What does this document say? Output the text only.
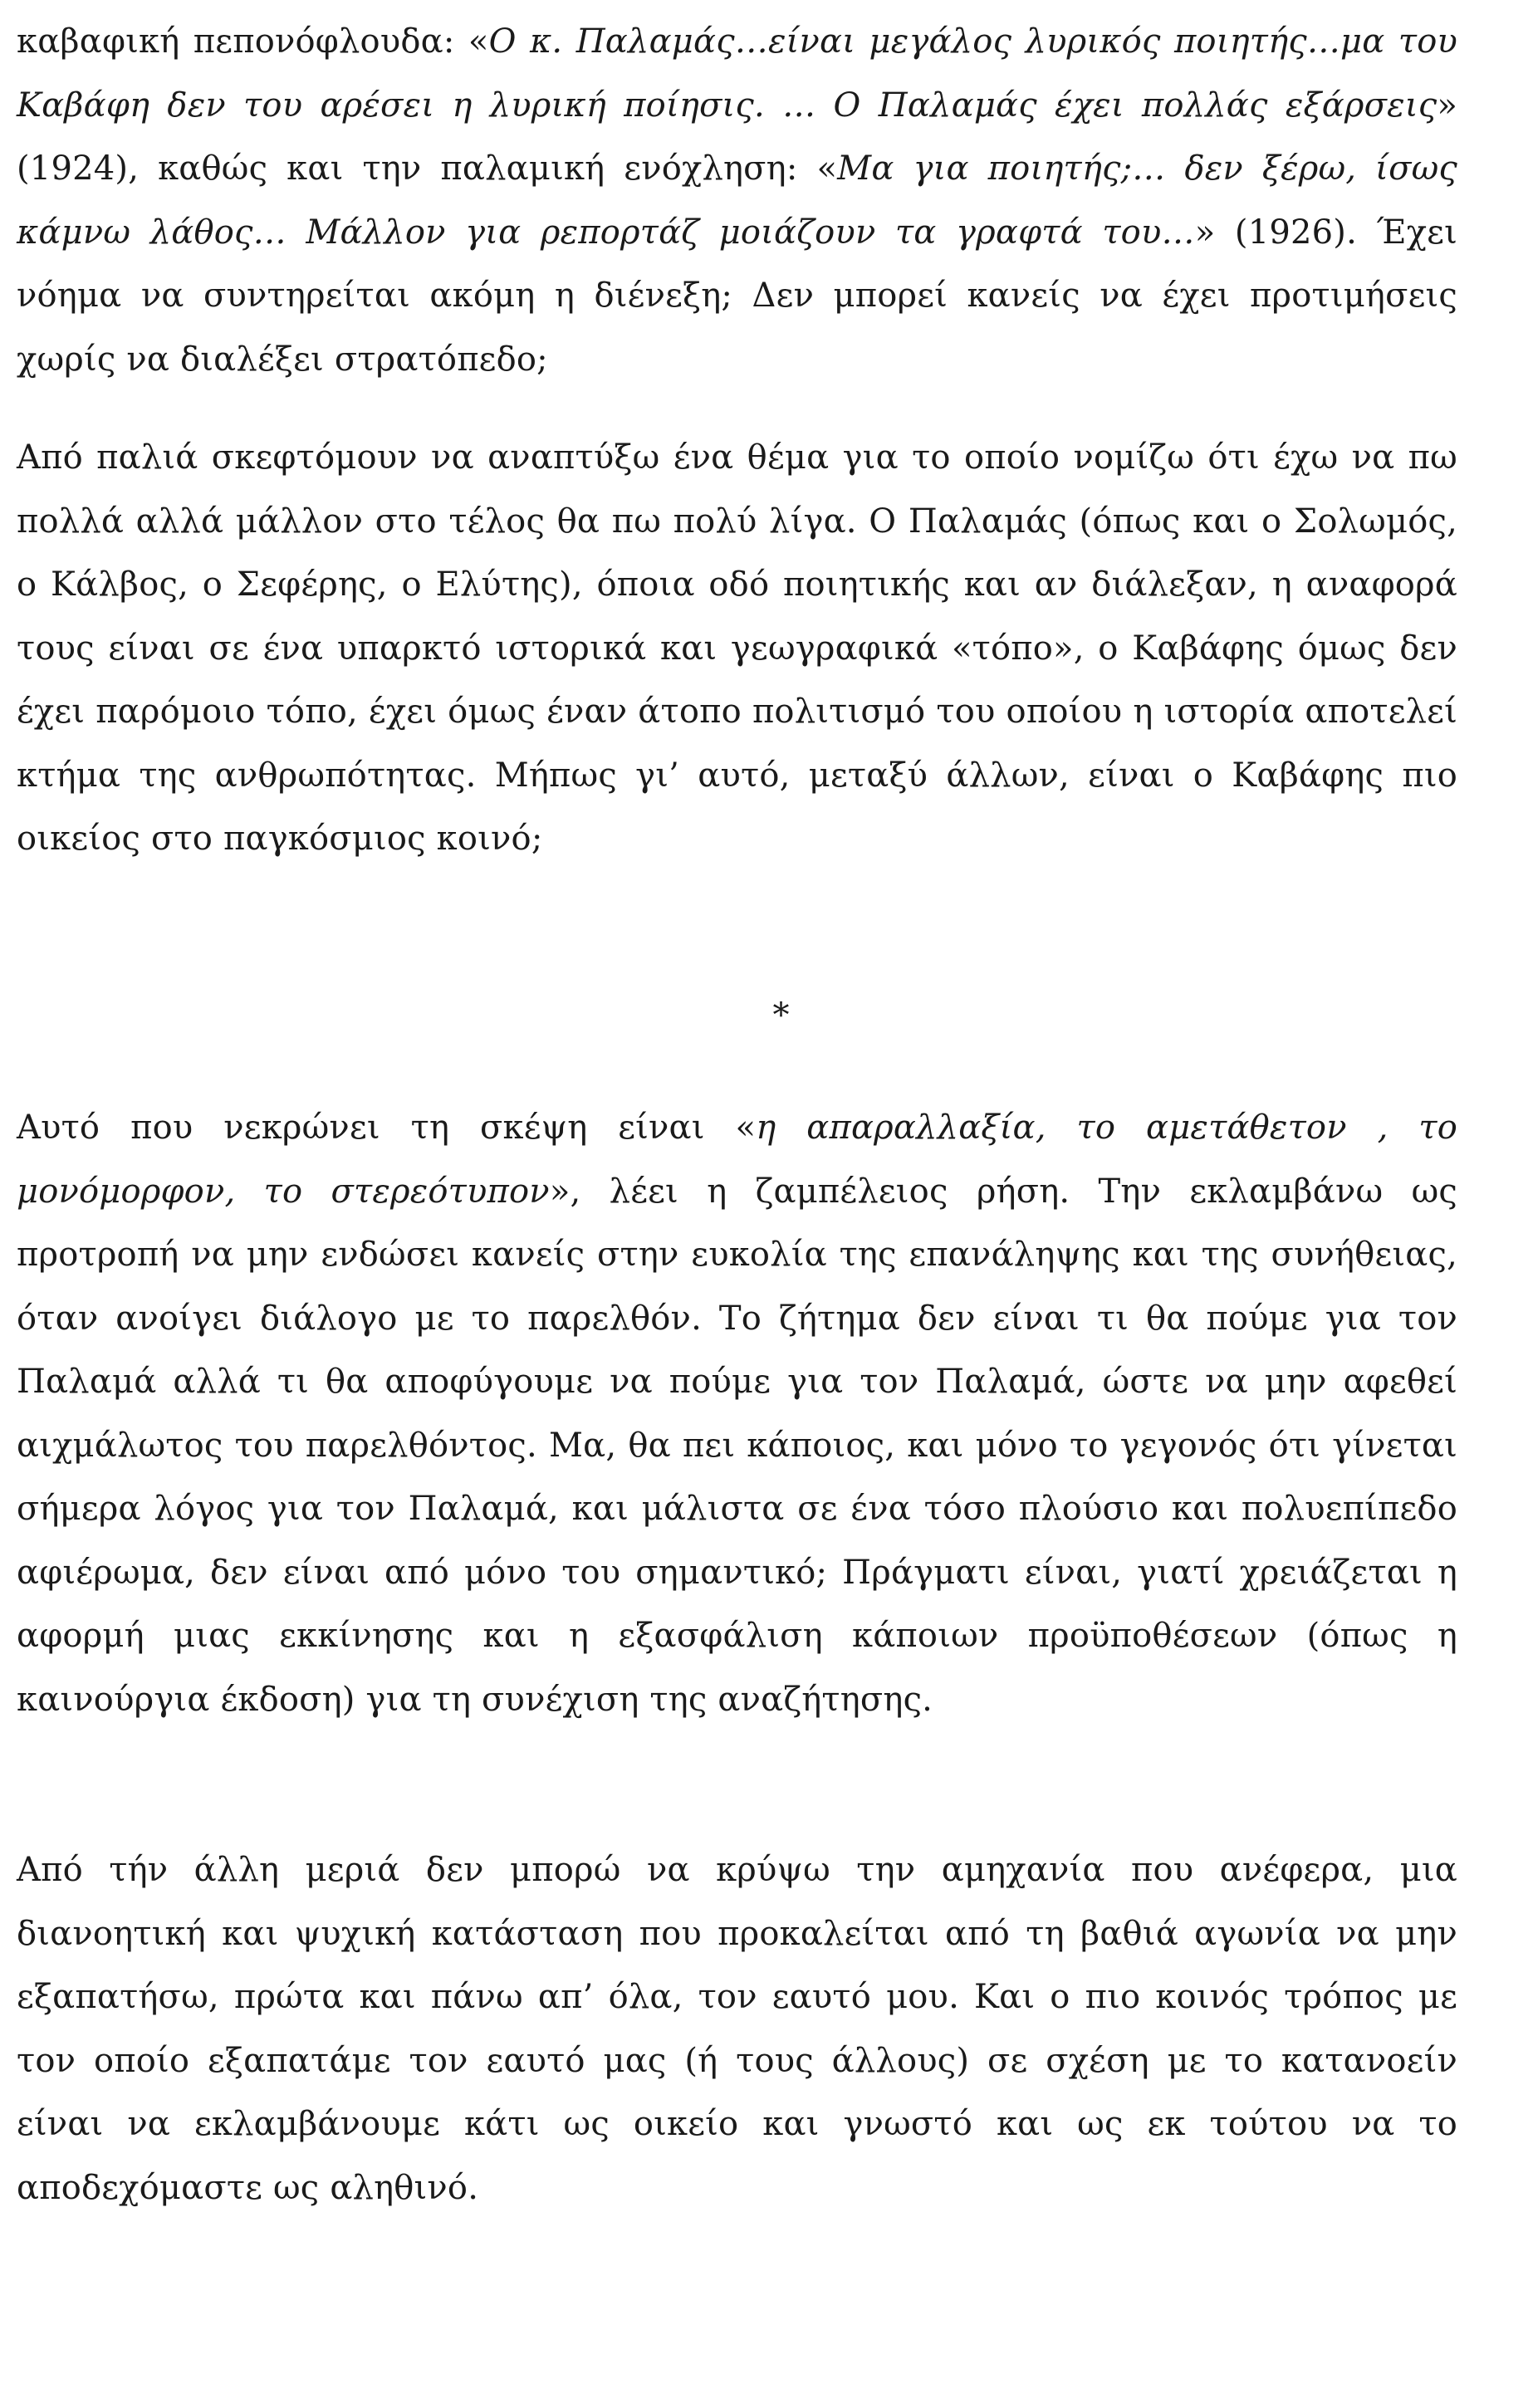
καβαφική πεπονόφλουδα: «Ο κ. Παλαμάς…είναι μεγάλος λυρικός ποιητής…μα του Καβάφη δεν του αρέσει η λυρική ποίησις. … Ο Παλαμάς έχει πολλάς εξάρσεις» (1924), καθώς και την παλαμική ενόχληση: «Μα για ποιητής;… δεν ξέρω, ίσως κάμνω λάθος… Μάλλον για ρεπορτάζ μοιάζουν τα γραφτά του…» (1926). Έχει νόημα να συντηρείται ακόμη η διένεξη; Δεν μπορεί κανείς να έχει προτιμήσεις χωρίς να διαλέξει στρατόπεδο;

Από παλιά σκεφτόμουν να αναπτύξω ένα θέμα για το οποίο νομίζω ότι έχω να πω πολλά αλλά μάλλον στο τέλος θα πω πολύ λίγα. Ο Παλαμάς (όπως και ο Σολωμός, ο Κάλβος, ο Σεφέρης, ο Ελύτης), όποια οδό ποιητικής και αν διάλεξαν, η αναφορά τους είναι σε ένα υπαρκτό ιστορικά και γεωγραφικά «τόπο», ο Καβάφης όμως δεν έχει παρόμοιο τόπο, έχει όμως έναν άτοπο πολιτισμό του οποίου η ιστορία αποτελεί κτήμα της ανθρωπότητας. Μήπως γι’ αυτό, μεταξύ άλλων, είναι ο Καβάφης πιο οικείος στο παγκόσμιος κοινό;

*

Αυτό που νεκρώνει τη σκέψη είναι «η απαραλλαξία, το αμετάθετον , το μονόμορφον, το στερεότυπον», λέει η ζαμπέλειος ρήση. Την εκλαμβάνω ως προτροπή να μην ενδώσει κανείς στην ευκολία της επανάληψης και της συνήθειας, όταν ανοίγει διάλογο με το παρελθόν. Το ζήτημα δεν είναι τι θα πούμε για τον Παλαμά αλλά τι θα αποφύγουμε να πούμε για τον Παλαμά, ώστε να μην αφεθεί αιχμάλωτος του παρελθόντος. Μα, θα πει κάποιος, και μόνο το γεγονός ότι γίνεται σήμερα λόγος για τον Παλαμά, και μάλιστα σε ένα τόσο πλούσιο και πολυεπίπεδο αφιέρωμα, δεν είναι από μόνο του σημαντικό; Πράγματι είναι, γιατί χρειάζεται η αφορμή μιας εκκίνησης και η εξασφάλιση κάποιων προϋποθέσεων (όπως η καινούργια έκδοση) για τη συνέχιση της αναζήτησης.

Από τήν άλλη μεριά δεν μπορώ να κρύψω την αμηχανία που ανέφερα, μια διανοητική και ψυχική κατάσταση που προκαλείται από τη βαθιά αγωνία να μην εξαπατήσω, πρώτα και πάνω απ’ όλα, τον εαυτό μου. Και ο πιο κοινός τρόπος με τον οποίο εξαπατάμε τον εαυτό μας (ή τους άλλους) σε σχέση με το κατανοείν είναι να εκλαμβάνουμε κάτι ως οικείο και γνωστό και ως εκ τούτου να το αποδεχόμαστε ως αληθινό.
